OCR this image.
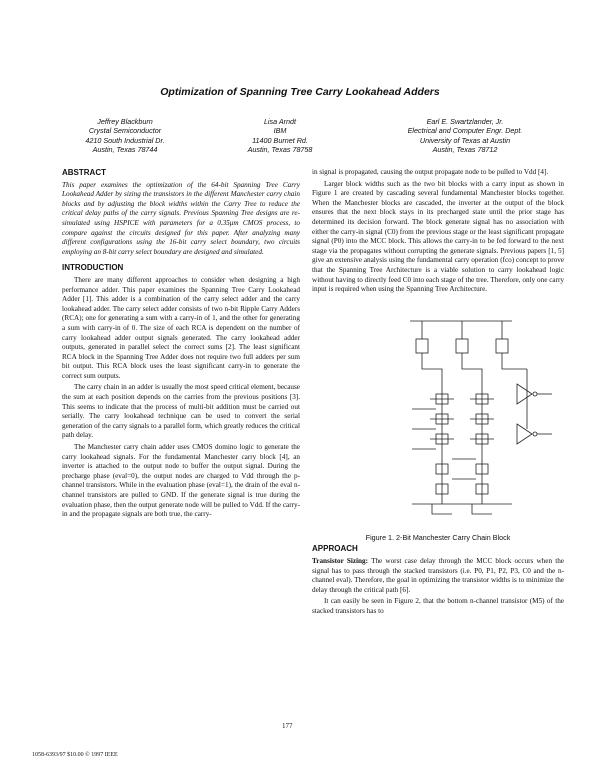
Optimization of Spanning Tree Carry Lookahead Adders
Jeffrey Blackburn
Crystal Semiconductor
4210 South Industrial Dr.
Austin, Texas 78744
Lisa Arndt
IBM
11400 Burnet Rd.
Austin, Texas 78758
Earl E. Swartzlander, Jr.
Electrical and Computer Engr. Dept.
University of Texas at Austin
Austin, Texas 78712
ABSTRACT

This paper examines the optimization of the 64-bit Spanning Tree Carry Lookahead Adder by sizing the transistors in the different Manchester carry chain blocks and by adjusting the block widths within the Carry Tree to reduce the critical delay paths of the carry signals. Previous Spanning Tree designs are re-simulated using HSPICE with parameters for a 0.35μm CMOS process, to compare against the circuits designed for this paper. After analyzing many different configurations using the 16-bit carry select boundary, two circuits employing an 8-bit carry select boundary are designed and simulated.

INTRODUCTION

There are many different approaches to consider when designing a high performance adder. This paper examines the Spanning Tree Carry Lookahead Adder [1]. This adder is a combination of the carry select adder and the carry lookahead adder. The carry select adder consists of two n-bit Ripple Carry Adders (RCA); one for generating a sum with a carry-in of 1, and the other for generating a sum with carry-in of 0. The size of each RCA is dependent on the number of carry lookahead adder output signals generated. The carry lookahead adder outputs, generated in parallel select the correct sums [2]. The least significant RCA block in the Spanning Tree Adder does not require two full adders per sum bit output. This RCA block uses the least significant carry-in to generate the correct sum outputs.

The carry chain in an adder is usually the most speed critical element, because the sum at each position depends on the carries from the previous positions [3]. This seems to indicate that the process of multi-bit addition must be carried out serially. The carry lookahead technique can be used to convert the serial generation of the carry signals to a parallel form, which greatly reduces the critical path delay.

The Manchester carry chain adder uses CMOS domino logic to generate the carry lookahead signals. For the fundamental Manchester carry block [4], an inverter is attached to the output node to buffer the output signal. During the precharge phase (eval=0), the output nodes are charged to Vdd through the p-channel transistors. While in the evaluation phase (eval=1), the drain of the eval n-channel transistors are pulled to GND. If the generate signal is true during the evaluation phase, then the output generate node will be pulled to Vdd. If the carry-in and the propagate signals are both true, the carry-

in signal is propagated, causing the output propagate node to be pulled to Vdd [4].

Larger block widths such as the two bit blocks with a carry input as shown in Figure 1 are created by cascading several fundamental Manchester blocks together. When the Manchester blocks are cascaded, the inverter at the output of the block ensures that the next block stays in its precharged state until the prior stage has determined its decision forward. The block generate signal has no association with either the carry-in signal (C0) from the previous stage or the least significant propagate signal (P0) into the MCC block. This allows the carry-in to be fed forward to the next stage via the propagates without corrupting the generate signals. Previous papers [1, 5] give an extensive analysis using the fundamental carry operation (fco) concept to prove that the Spanning Tree Architecture is a viable solution to carry lookahead logic without having to directly feed C0 into each stage of the tree. Therefore, only one carry input is required when using the Spanning Tree Architecture.

Figure 1. 2-Bit Manchester Carry Chain Block
APPROACH

Transistor Sizing: The worst case delay through the MCC block occurs when the signal has to pass through the stacked transistors (i.e. P0, P1, P2, P3, C0 and the n-channel eval). Therefore, the goal in optimizing the transistor widths is to minimize the delay through the critical path [6].

It can easily be seen in Figure 2, that the bottom n-channel transistor (M5) of the stacked transistors has to

177
1058-6393/97 $10.00 © 1997 IEEE
